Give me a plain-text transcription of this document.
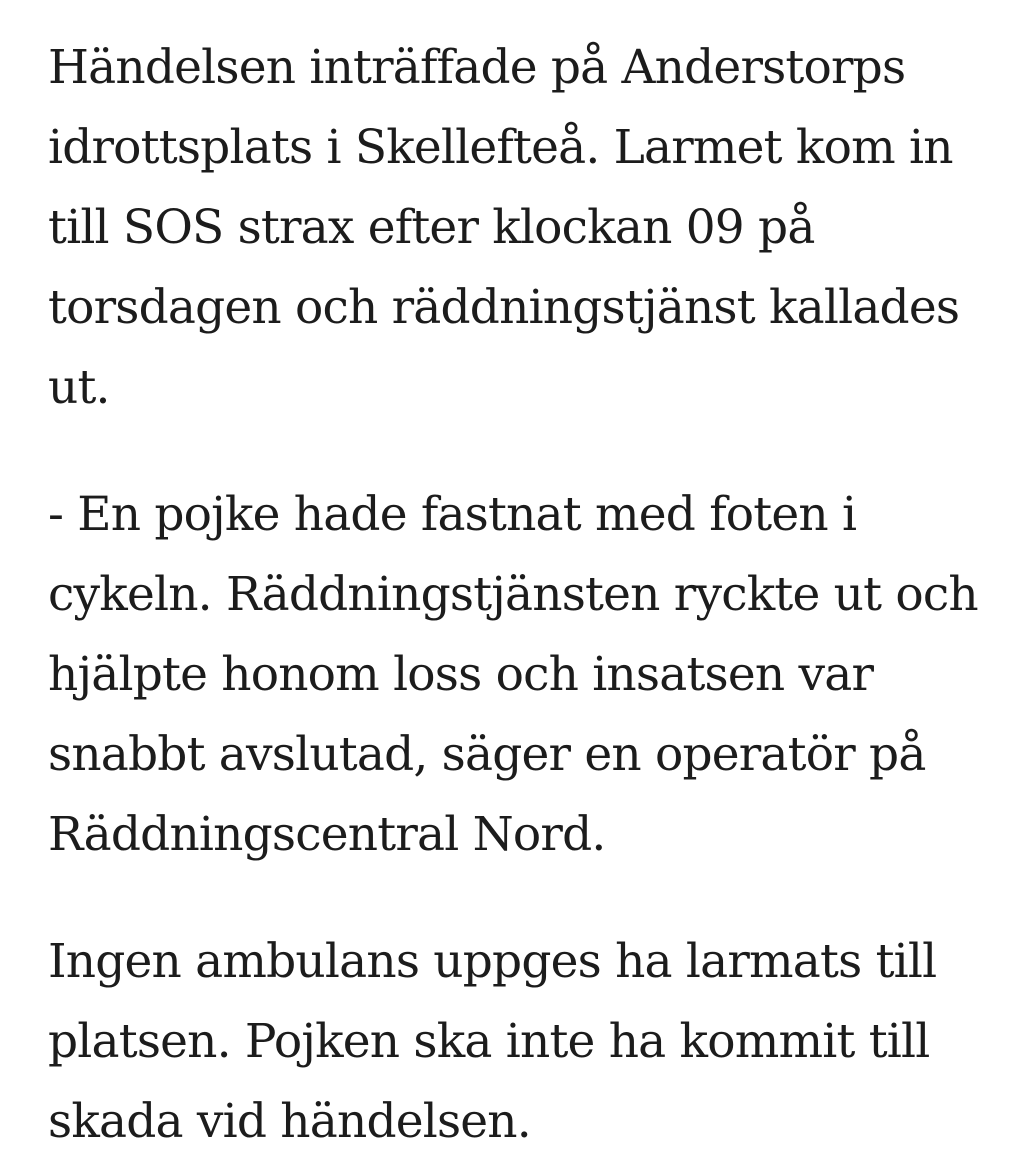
Händelsen inträffade på Anderstorps
idrottsplats i Skellefteå. Larmet kom in
till SOS strax efter klockan 09 på
torsdagen och räddningstjänst kallades
ut.

- En pojke hade fastnat med foten i
cykeln. Räddningstjänsten ryckte ut och
hjälpte honom loss och insatsen var
snabbt avslutad, säger en operatör på
Räddningscentral Nord.

Ingen ambulans uppges ha larmats till
platsen. Pojken ska inte ha kommit till
skada vid händelsen.
